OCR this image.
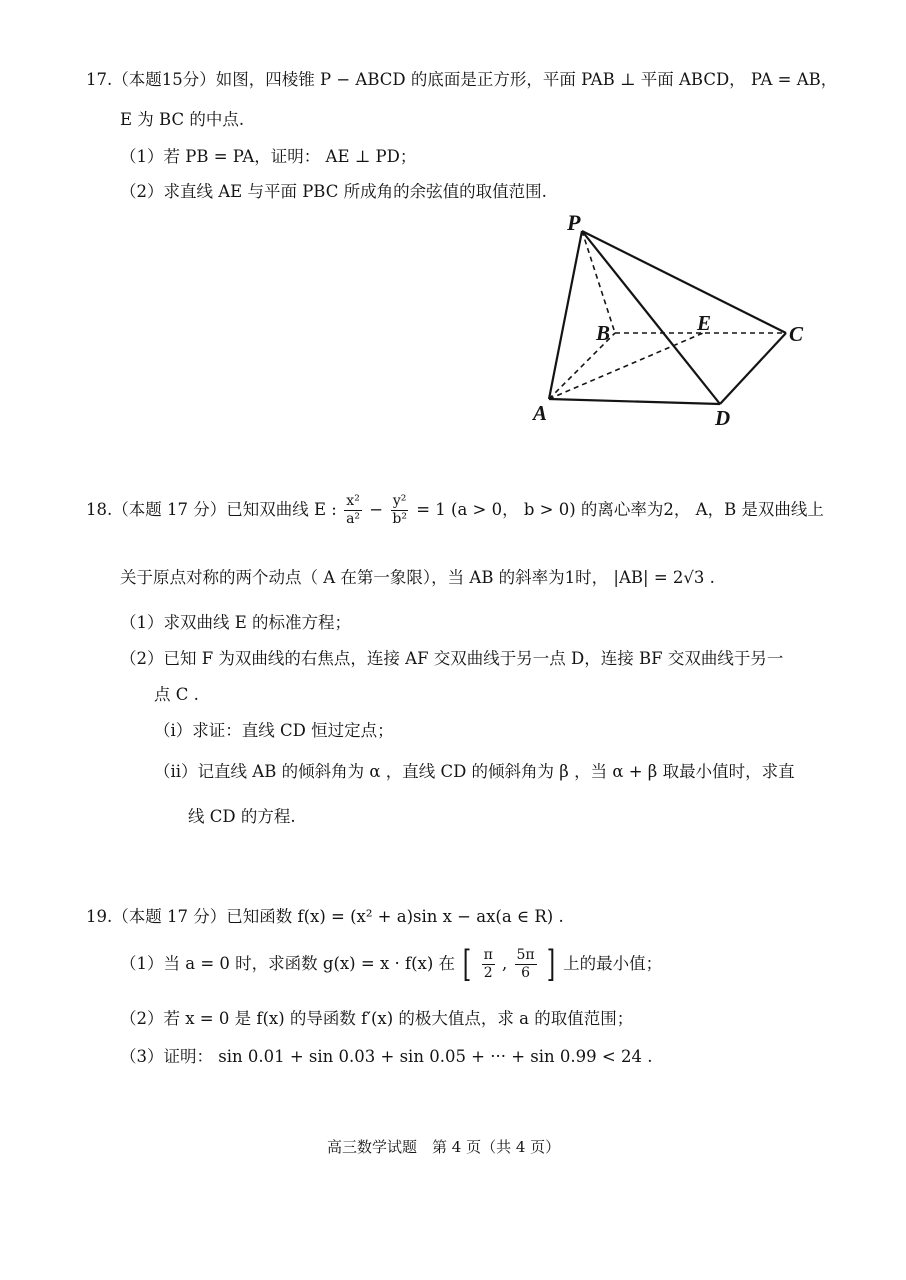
17.（本题15分）如图，四棱锥 P − ABCD 的底面是正方形，平面 PAB ⊥ 平面 ABCD， PA = AB，
E 为 BC 的中点.
（1）若 PB = PA，证明： AE ⊥ PD；
（2）求直线 AE 与平面 PBC 所成角的余弦值的取值范围.
P
B	E	C
A	D
18.（本题 17 分）已知双曲线 E : $\frac{\text{x²}}{\text{a²}} - \frac{\text{y²}}{\text{b²}} = 1$ (a > 0， b > 0) 的离心率为2， A，B 是双曲线上
关于原点对称的两个动点（ A 在第一象限），当 AB 的斜率为1时， |AB| = 2√3 .
（1）求双曲线 E 的标准方程；
（2）已知 F 为双曲线的右焦点，连接 AF 交双曲线于另一点 D，连接 BF 交双曲线于另一
点 C .
（i）求证：直线 CD 恒过定点；
（ii）记直线 AB 的倾斜角为 α ，直线 CD 的倾斜角为 β ，当 α + β 取最小值时，求直
线 CD 的方程.
19.（本题 17 分）已知函数 f(x) = (x² + a)sin x − ax(a ∈ R) .
（1）当 a = 0 时，求函数 g(x) = x · f(x) 在 [ $\frac{\pi}{2}$ , $\frac{5\pi}{6}$ ] 上的最小值；
（2）若 x = 0 是 f(x) 的导函数 f′(x) 的极大值点，求 a 的取值范围；
（3）证明： sin 0.01 + sin 0.03 + sin 0.05 + ··· + sin 0.99 < 24 .
高三数学试题　第 4 页（共 4 页）
